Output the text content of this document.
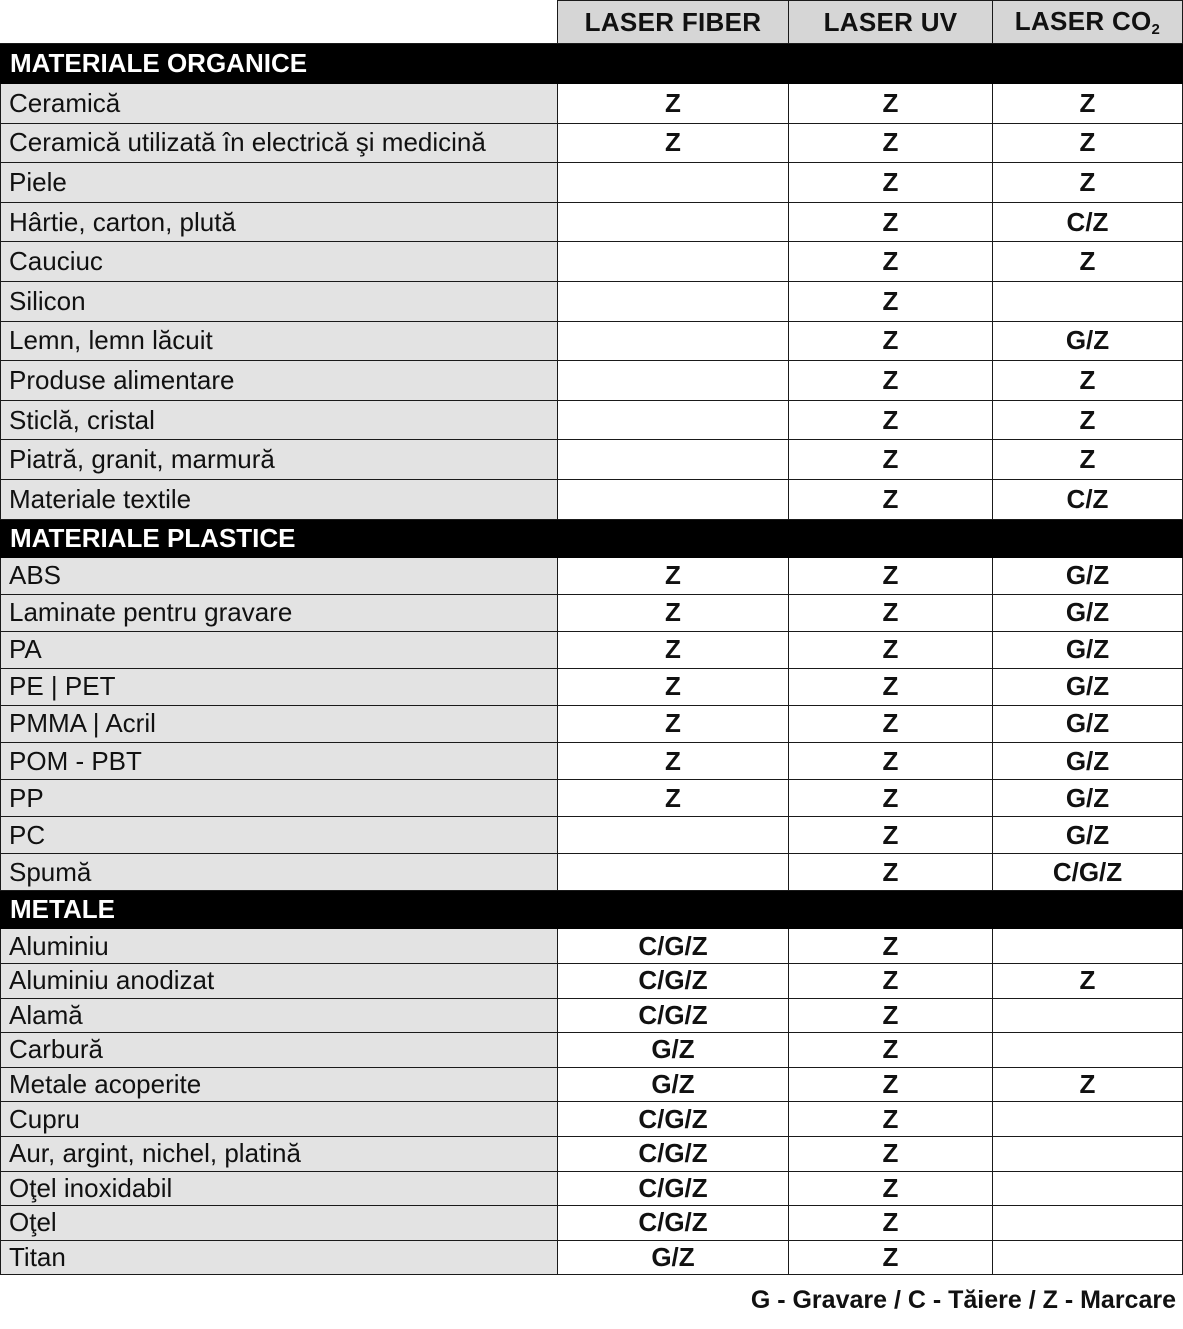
	LASER FIBER	LASER UV	LASER $CO_2$
MATERIALE ORGANICE			
Ceramică	Z	Z	Z
Ceramică utilizată în electrică şi medicină	Z	Z	Z
Piele		Z	Z
Hârtie, carton, plută		Z	C/Z
Cauciuc		Z	Z
Silicon		Z	
Lemn, lemn lăcuit		Z	G/Z
Produse alimentare		Z	Z
Sticlă, cristal		Z	Z
Piatră, granit, marmură		Z	Z
Materiale textile		Z	C/Z
MATERIALE PLASTICE			
ABS	Z	Z	G/Z
Laminate pentru gravare	Z	Z	G/Z
PA	Z	Z	G/Z
PE | PET	Z	Z	G/Z
PMMA | Acril	Z	Z	G/Z
POM - PBT	Z	Z	G/Z
PP	Z	Z	G/Z
PC		Z	G/Z
Spumă		Z	C/G/Z
METALE			
Aluminiu	C/G/Z	Z	
Aluminiu anodizat	C/G/Z	Z	Z
Alamă	C/G/Z	Z	
Carbură	G/Z	Z	
Metale acoperite	G/Z	Z	Z
Cupru	C/G/Z	Z	
Aur, argint, nichel, platină	C/G/Z	Z	
Oţel inoxidabil	C/G/Z	Z	
Oţel	C/G/Z	Z	
Titan	G/Z	Z	
G - Gravare / C - Tăiere / Z - Marcare
